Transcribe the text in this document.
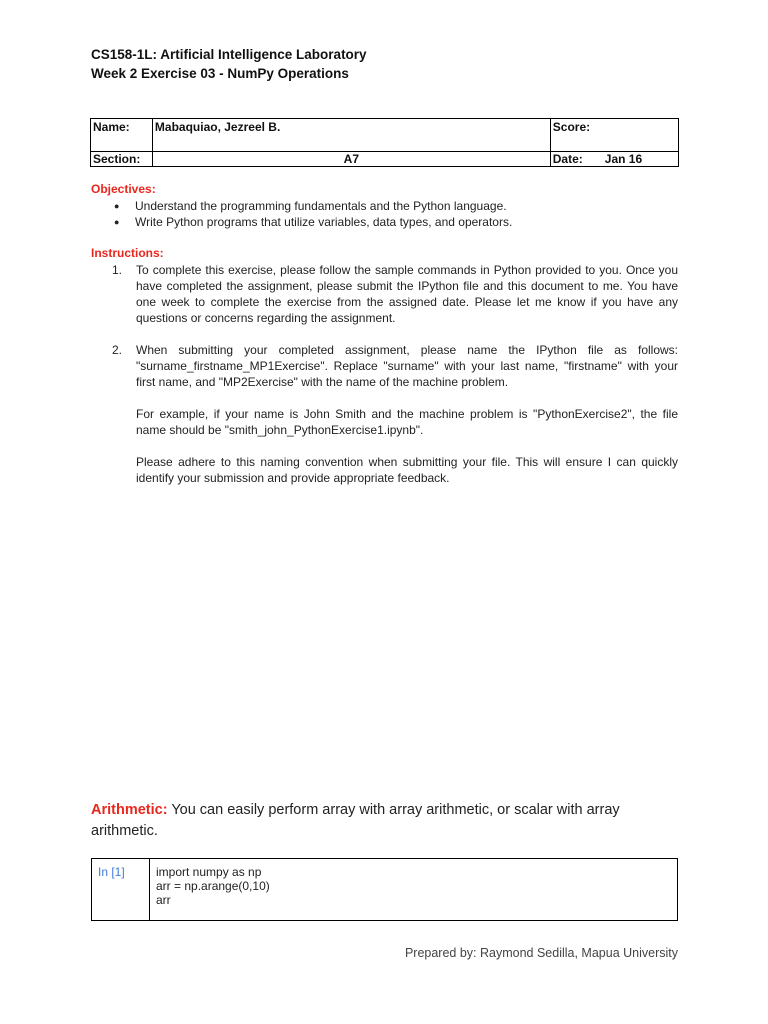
CS158-1L: Artificial Intelligence Laboratory
Week 2 Exercise 03 - NumPy Operations
Name:	Mabaquiao, Jezreel B.	Score:
Section:	A7	Date: Jan 16
Objectives:
● Understand the programming fundamentals and the Python language.
● Write Python programs that utilize variables, data types, and operators.
Instructions:
1. To complete this exercise, please follow the sample commands in Python provided to you. Once you have completed the assignment, please submit the IPython file and this document to me. You have one week to complete the exercise from the assigned date. Please let me know if you have any questions or concerns regarding the assignment.

2. When submitting your completed assignment, please name the IPython file as follows: "surname_firstname_MP1Exercise". Replace "surname" with your last name, "firstname" with your first name, and "MP2Exercise" with the name of the machine problem.

For example, if your name is John Smith and the machine problem is "PythonExercise2", the file name should be "smith_john_PythonExercise1.ipynb".

Please adhere to this naming convention when submitting your file. This will ensure I can quickly identify your submission and provide appropriate feedback.

Arithmetic: You can easily perform array with array arithmetic, or scalar with array arithmetic.
In [1]	import numpy as np
arr = np.arange(0,10)
arr
Prepared by: Raymond Sedilla, Mapua University
